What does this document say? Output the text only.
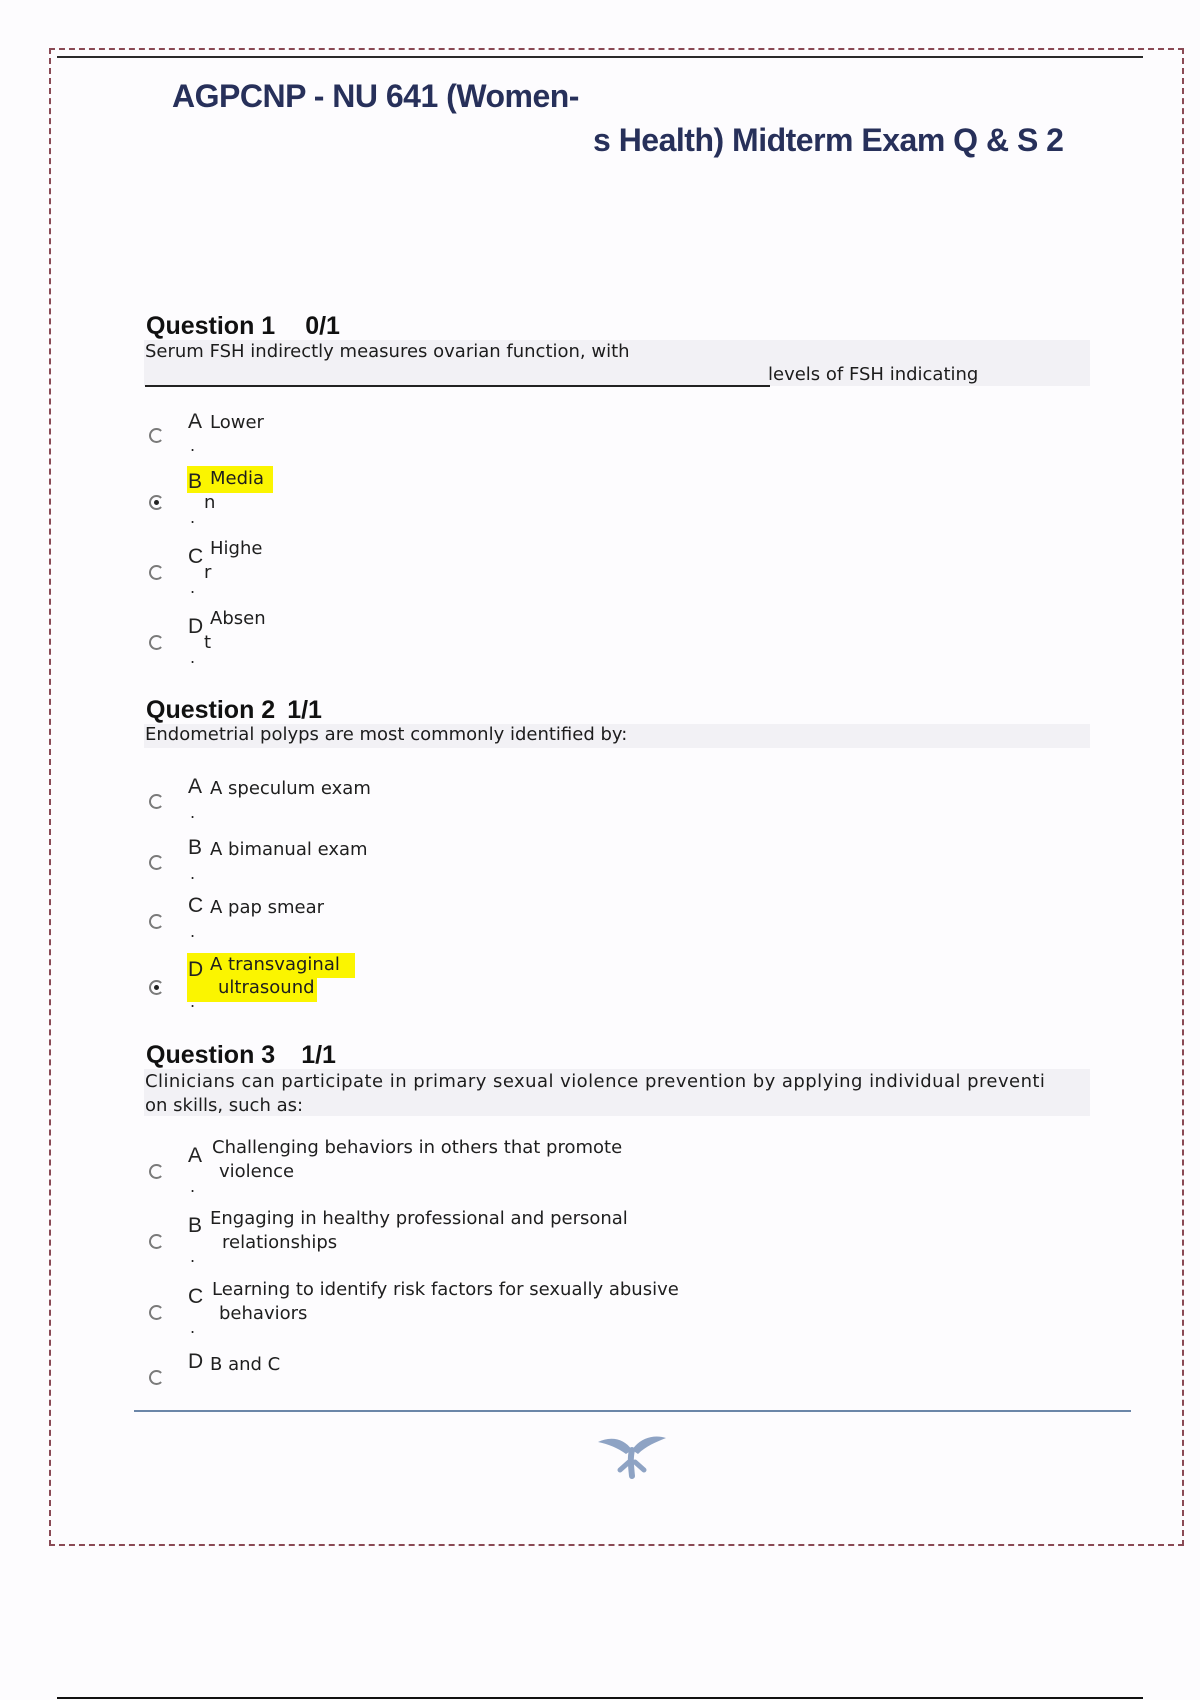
AGPCNP - NU 641 (Women-
s Health) Midterm Exam Q & S 2
Question 1 0/1
Serum FSH indirectly measures ovarian function, with
levels of FSH indicating
A Lower
.
B Media
n
.
C Highe
r
.
D Absen
t
.
Question 2 1/1
Endometrial polyps are most commonly identified by:
A A speculum exam
.
B A bimanual exam
.
C A pap smear
.
D A transvaginal
ultrasound
.
Question 3 1/1
Clinicians can participate in primary sexual violence prevention by applying individual preventi
on skills, such as:
A Challenging behaviors in others that promote
violence
.
B Engaging in healthy professional and personal
relationships
.
C Learning to identify risk factors for sexually abusive
behaviors
.
D B and C
